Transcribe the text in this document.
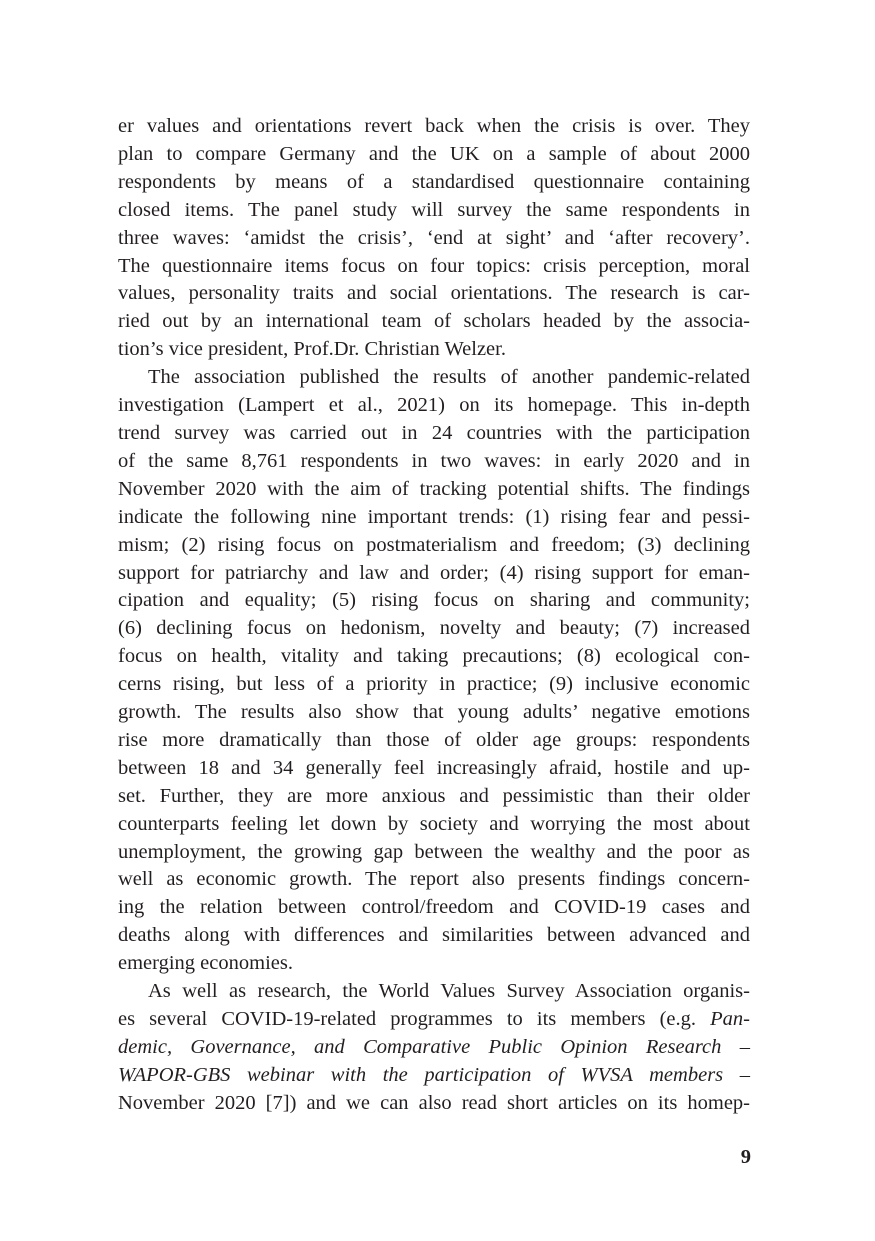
er values and orientations revert back when the crisis is over. They
plan to compare Germany and the UK on a sample of about 2000
respondents by means of a standardised questionnaire containing
closed items. The panel study will survey the same respondents in
three waves: ‘amidst the crisis’, ‘end at sight’ and ‘after recovery’.
The questionnaire items focus on four topics: crisis perception, moral
values, personality traits and social orientations. The research is car-
ried out by an international team of scholars headed by the associa-
tion’s vice president, Prof.Dr. Christian Welzer.

The association published the results of another pandemic-related
investigation (Lampert et al., 2021) on its homepage. This in-depth
trend survey was carried out in 24 countries with the participation
of the same 8,761 respondents in two waves: in early 2020 and in
November 2020 with the aim of tracking potential shifts. The findings
indicate the following nine important trends: (1) rising fear and pessi-
mism; (2) rising focus on postmaterialism and freedom; (3) declining
support for patriarchy and law and order; (4) rising support for eman-
cipation and equality; (5) rising focus on sharing and community;
(6) declining focus on hedonism, novelty and beauty; (7) increased
focus on health, vitality and taking precautions; (8) ecological con-
cerns rising, but less of a priority in practice; (9) inclusive economic
growth. The results also show that young adults’ negative emotions
rise more dramatically than those of older age groups: respondents
between 18 and 34 generally feel increasingly afraid, hostile and up-
set. Further, they are more anxious and pessimistic than their older
counterparts feeling let down by society and worrying the most about
unemployment, the growing gap between the wealthy and the poor as
well as economic growth. The report also presents findings concern-
ing the relation between control/freedom and COVID-19 cases and
deaths along with differences and similarities between advanced and
emerging economies.

As well as research, the World Values Survey Association organis-
es several COVID-19-related programmes to its members (e.g. Pan-
demic, Governance, and Comparative Public Opinion Research –
WAPOR-GBS webinar with the participation of WVSA members –
November 2020 [7]) and we can also read short articles on its homep-

9
